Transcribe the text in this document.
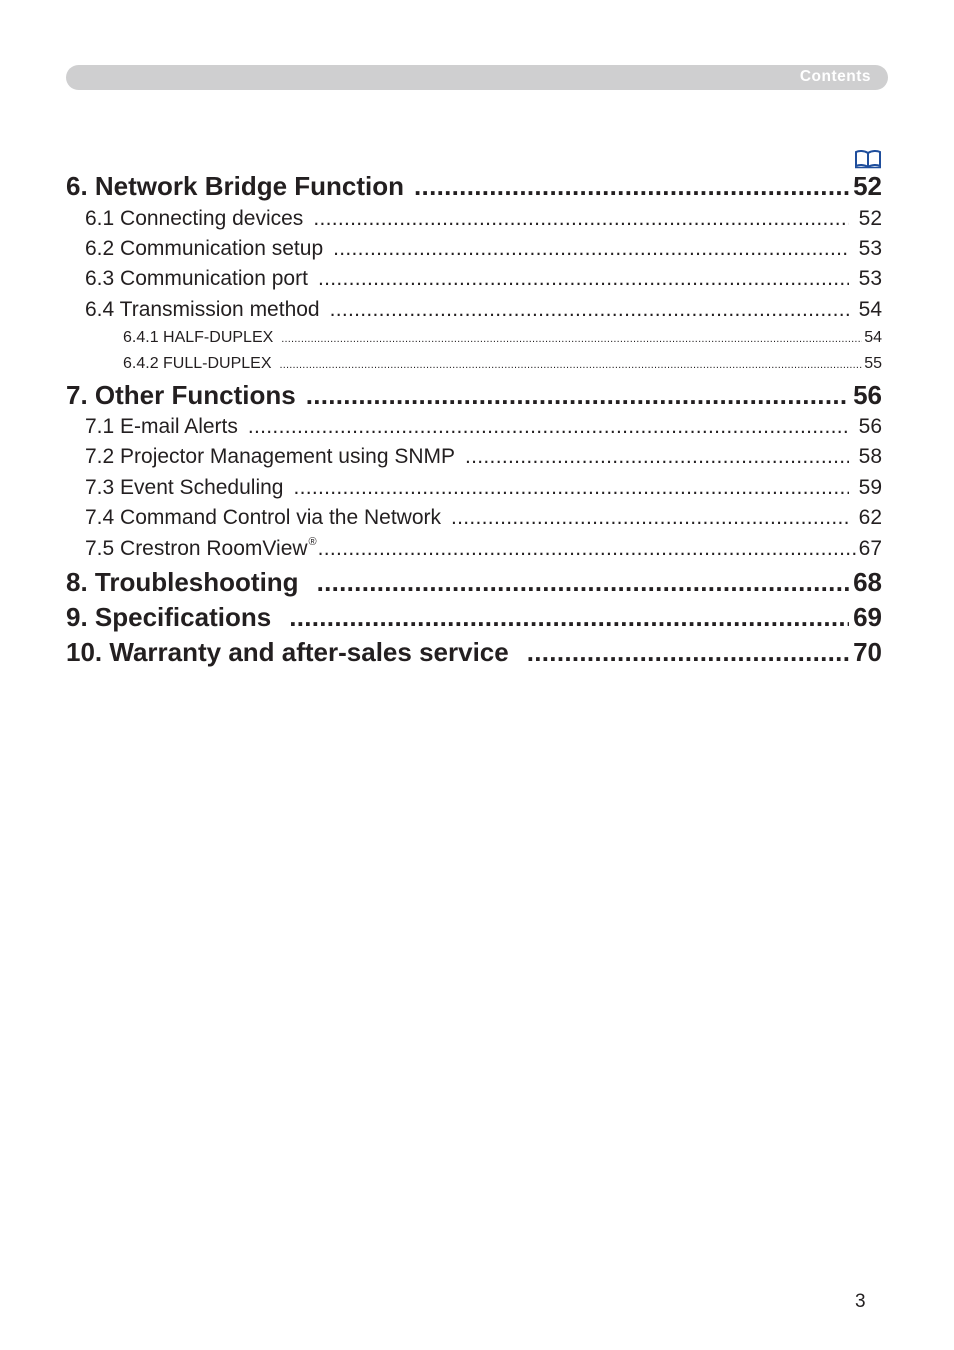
Contents
6. Network Bridge Function .....	52
6.1 Connecting devices .....	52
6.2 Communication setup .....	53
6.3 Communication port .....	53
6.4 Transmission method .....	54
6.4.1 HALF-DUPLEX .....	54
6.4.2 FULL-DUPLEX .....	55
7. Other Functions .....	56
7.1 E-mail Alerts .....	56
7.2 Projector Management using SNMP .....	58
7.3 Event Scheduling .....	59
7.4 Command Control via the Network .....	62
7.5 Crestron RoomView® .....	67
8. Troubleshooting .....	68
9. Specifications .....	69
10. Warranty and after-sales service .....	70
3
